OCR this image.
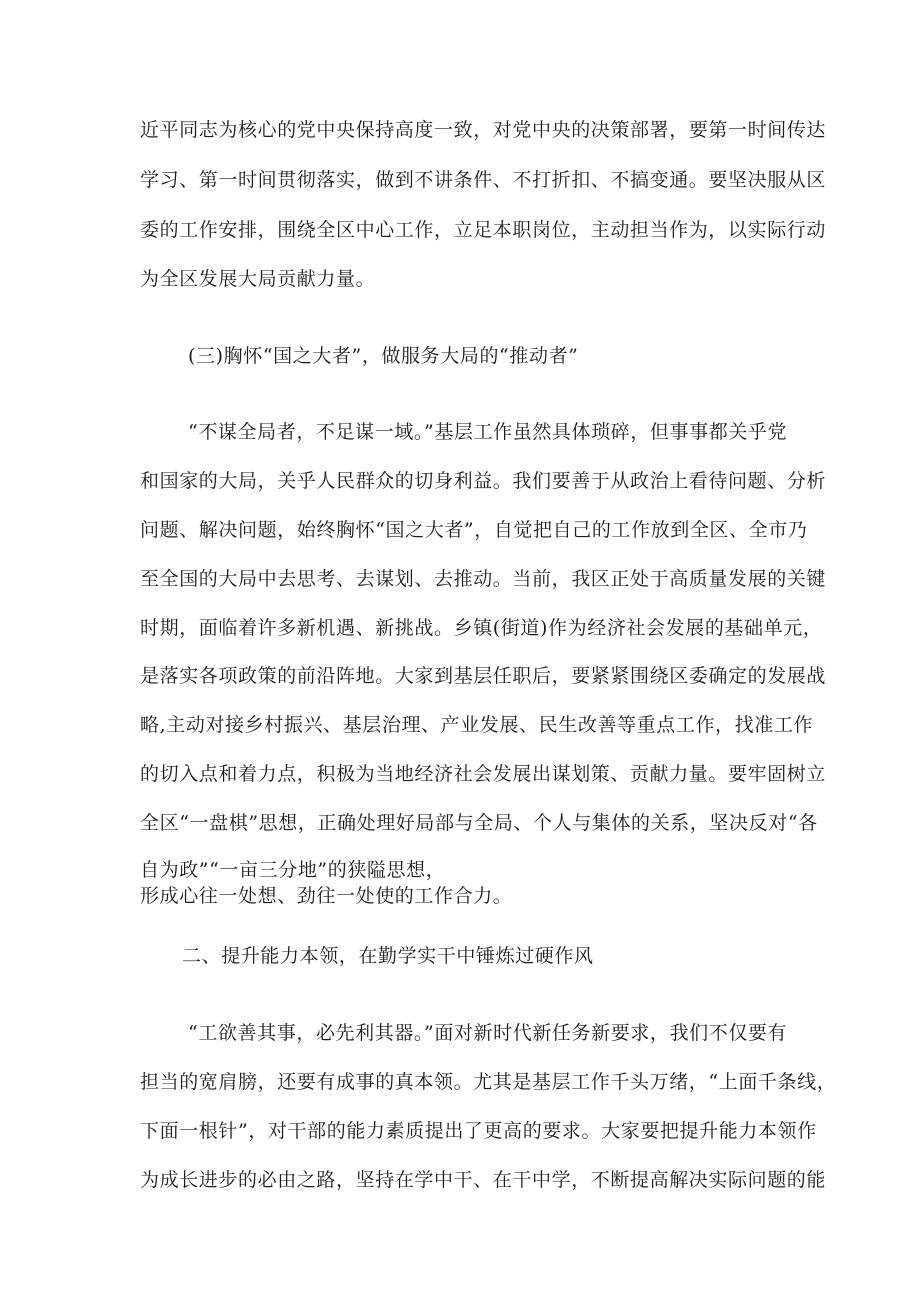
近平同志为核心的党中央保持高度一致，对党中央的决策部署，要第一时间传达
学习、第一时间贯彻落实，做到不讲条件、不打折扣、不搞变通。要坚决服从区
委的工作安排，围绕全区中心工作，立足本职岗位，主动担当作为，以实际行动
为全区发展大局贡献力量。
(三)胸怀“国之大者”，做服务大局的“推动者”
“不谋全局者，不足谋一域。”基层工作虽然具体琐碎，但事事都关乎党
和国家的大局，关乎人民群众的切身利益。我们要善于从政治上看待问题、分析
问题、解决问题，始终胸怀“国之大者”，自觉把自己的工作放到全区、全市乃
至全国的大局中去思考、去谋划、去推动。当前，我区正处于高质量发展的关键
时期，面临着许多新机遇、新挑战。乡镇(街道)作为经济社会发展的基础单元，
是落实各项政策的前沿阵地。大家到基层任职后，要紧紧围绕区委确定的发展战
略,主动对接乡村振兴、基层治理、产业发展、民生改善等重点工作，找准工作
的切入点和着力点，积极为当地经济社会发展出谋划策、贡献力量。要牢固树立
全区“一盘棋”思想，正确处理好局部与全局、个人与集体的关系，坚决反对“各
自为政”“一亩三分地”的狭隘思想，
形成心往一处想、劲往一处使的工作合力。
二、提升能力本领，在勤学实干中锤炼过硬作风
“工欲善其事，必先利其器。”面对新时代新任务新要求，我们不仅要有
担当的宽肩膀，还要有成事的真本领。尤其是基层工作千头万绪，“上面千条线，
下面一根针”，对干部的能力素质提出了更高的要求。大家要把提升能力本领作
为成长进步的必由之路，坚持在学中干、在干中学，不断提高解决实际问题的能
